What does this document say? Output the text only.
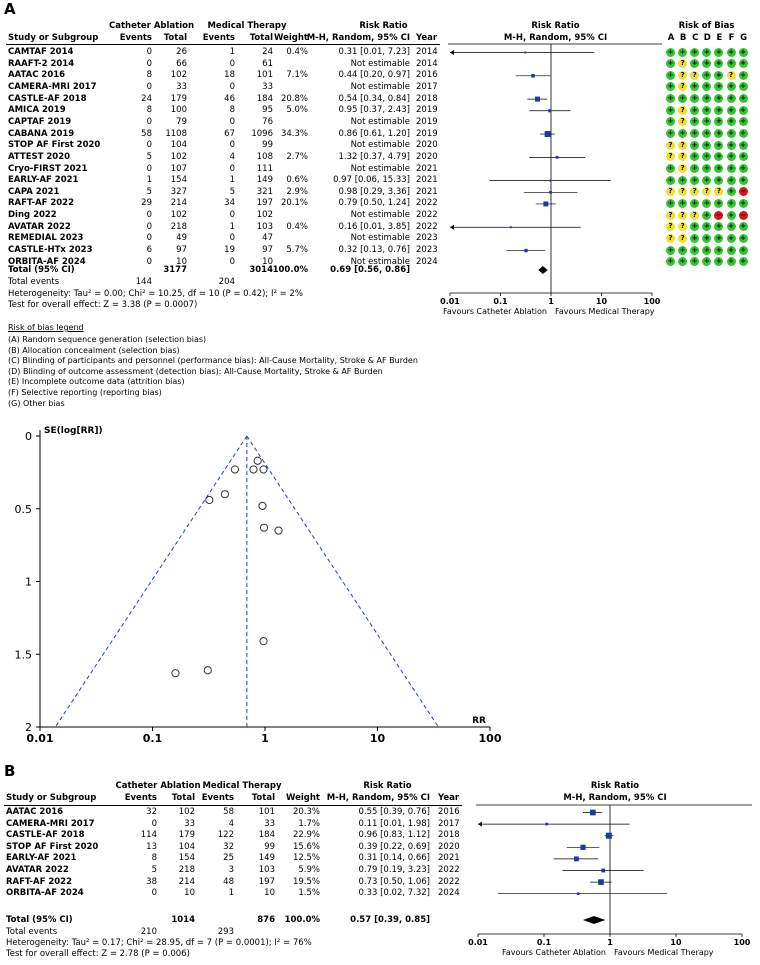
A
Catheter Ablation	Medical Therapy	Risk Ratio	Risk Ratio	Risk of Bias
Study or Subgroup	Events	Total	Events	Total Weight
M-H, Random, 95% CI Year	M-H, Random, 95% CI	A B C D E F G
CAMTAF 2014	0	26	1	24	0.4%	0.31 [0.01, 7.23] 2014
RAAFT-2 2014	0	66	0	61	Not estimable 2014
AATAC 2016	8	102	18	101	7.1%	0.44 [0.20, 0.97] 2016
CAMERA-MRI 2017	0	33	0	33	Not estimable 2017
CASTLE-AF 2018	24	179	46	184 20.8%	0.54 [0.34, 0.84] 2018
AMICA 2019	8	100	8	95	5.0%	0.95 [0.37, 2.43] 2019
CAPTAF 2019	0	79	0	76	Not estimable 2019
CABANA 2019	58	1108	67	1096 34.3%	0.86 [0.61, 1.20] 2019
STOP AF First 2020	0	104	0	99	Not estimable 2020
ATTEST 2020	5	102	4	108	2.7%	1.32 [0.37, 4.79] 2020
Cryo-FIRST 2021	0	107	0	111	Not estimable 2021
EARLY-AF 2021	1	154	1	149	0.6%	0.97 [0.06, 15.33] 2021
CAPA 2021	5	327	5	321	2.9%	0.98 [0.29, 3.36] 2021
RAFT-AF 2022	29	214	34	197 20.1%	0.79 [0.50, 1.24] 2022
Ding 2022	0	102	0	102	Not estimable 2022
AVATAR 2022	0	218	1	103	0.4%	0.16 [0.01, 3.85] 2022
REMEDIAL 2023	0	49	0	47	Not estimable 2023
CASTLE-HTx 2023	6	97	19	97	5.7%	0.32 [0.13, 0.76] 2023
ORBITA-AF 2024	0	10	0	10	Not estimable 2024
+ + + + + + +
+	?	+ + + + +
+	?	?	+ +	?	+
+	?	+ + + + +
+ + + + + + +
+	?	+ + + + +
+	?	+ + + + +
+ + + + + + +
?	?	+ + + + +
?	?	+ + + + +
+	?	+ + + + +
+ + + + + + +
?	?	?	?	?	+ −
+ + + + + + +
?	?	?	+ − + −
?	?	+ + + + +
?	?	+ + + + +
+ + + + + + +
+ + + + + + +
Total (95% CI)	3177	3014 100.0%	0.69 [0.56, 0.86]
Total events	144	204
Heterogeneity: Tau² = 0.00; Chi² = 10.25, df = 10 (P = 0.42); I² = 2%
Test for overall effect: Z = 3.38 (P = 0.0007)	0.01	0.1	1	10	100
Favours Catheter Ablation Favours Medical Therapy
Risk of bias legend
(A) Random sequence generation (selection bias)
(B) Allocation concealment (selection bias)
(C) Blinding of participants and personnel (performance bias): All-Cause Mortality, Stroke & AF Burden
(D) Blinding of outcome assessment (detection bias): All-Cause Mortality, Stroke & AF Burden
(E) Incomplete outcome data (attrition bias)
(F) Selective reporting (reporting bias)
(G) Other bias
0
0.5
1
1.5
2
0.01	0.1	1	10	100
SE(log[RR])
RR
B
Catheter Ablation Medical Therapy	Risk Ratio	Risk Ratio
Study or Subgroup	Events	Total Events	Total	Weight M-H, Random, 95% CI Year	M-H, Random, 95% CI
AATAC 2016	32	102	58	101	20.3%	0.55 [0.39, 0.76] 2016
CAMERA-MRI 2017	0	33	4	33	1.7%	0.11 [0.01, 1.98] 2017
CASTLE-AF 2018	114	179	122	184	22.9%	0.96 [0.83, 1.12] 2018
STOP AF First 2020	13	104	32	99	15.6%	0.39 [0.22, 0.69] 2020
EARLY-AF 2021	8	154	25	149	12.5%	0.31 [0.14, 0.66] 2021
AVATAR 2022	5	218	3	103	5.9%	0.79 [0.19, 3.23] 2022
RAFT-AF 2022	38	214	48	197	19.5%	0.73 [0.50, 1.06] 2022
ORBITA-AF 2024	0	10	1	10	1.5%	0.33 [0.02, 7.32] 2024
Total (95% CI)	1014	876	100.0%	0.57 [0.39, 0.85]
Total events	210	293
Heterogeneity: Tau² = 0.17; Chi² = 28.95, df = 7 (P = 0.0001); I² = 76%
Test for overall effect: Z = 2.78 (P = 0.006)
0.01	0.1	1	10	100
Favours Catheter Ablation Favours Medical Therapy
